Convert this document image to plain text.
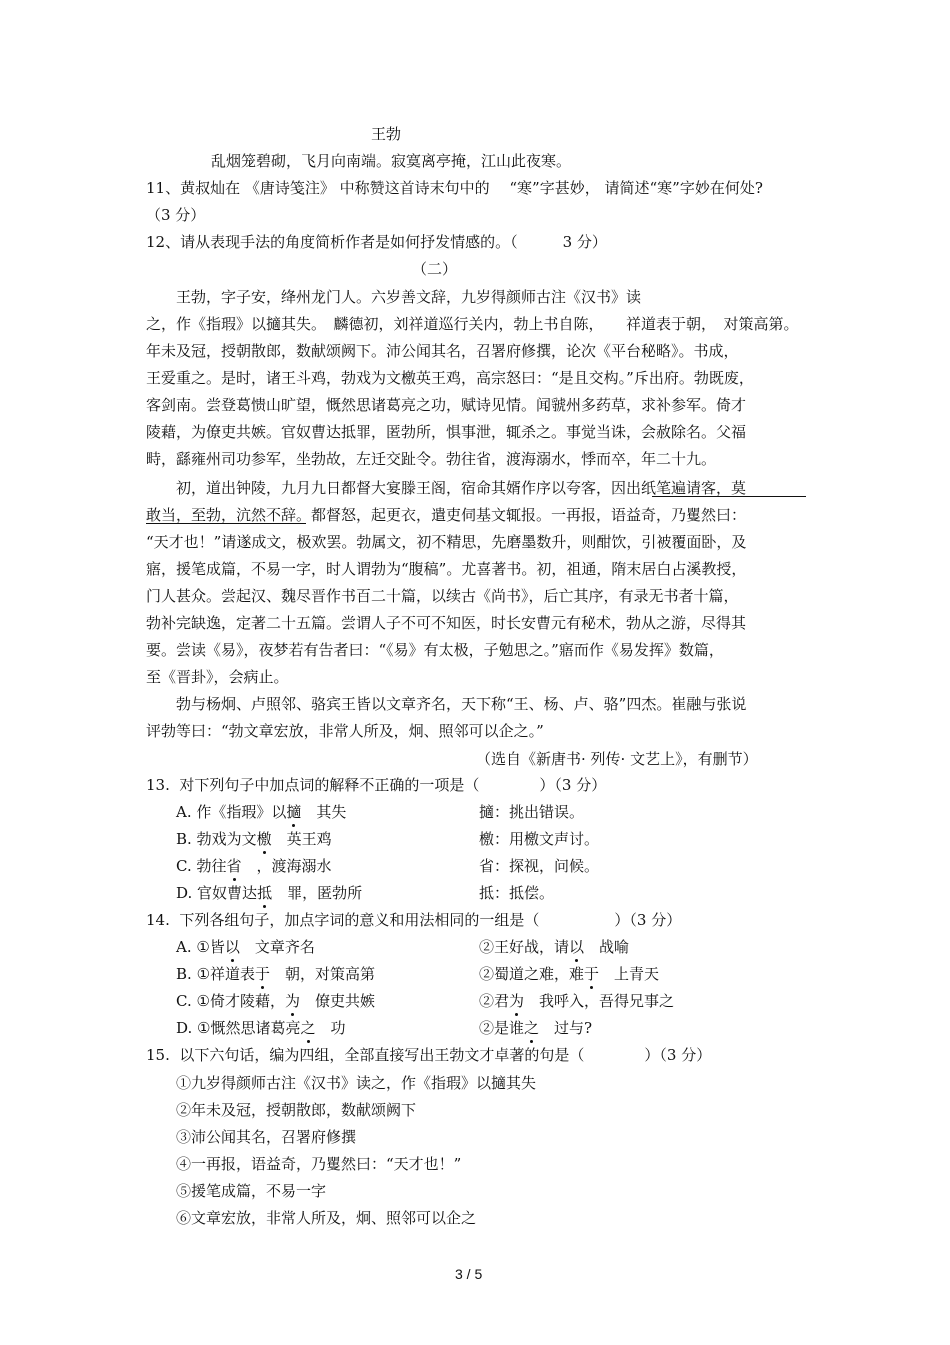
王勃
乱烟笼碧砌，飞月向南端。寂寞离亭掩，江山此夜寒。
11、黄叔灿在 《唐诗笺注》 中称赞这首诗末句中的 　“寒”字甚妙， 请简述“寒”字妙在何处?
（3 分）
12、请从表现手法的角度简析作者是如何抒发情感的。（　　　3 分）
（二）
王勃，字子安，绛州龙门人。六岁善文辞，九岁得颜师古注《汉书》读
之，作《指瑕》以擿其失。　麟德初，刘祥道巡行关内，勃上书自陈，　　祥道表于朝，　对策高第。
年未及冠，授朝散郎，数献颂阙下。沛公闻其名，召署府修撰，论次《平台秘略》。书成，
王爱重之。是时，诸王斗鸡，勃戏为文檄英王鸡，高宗怒曰：“是且交构。”斥出府。勃既废，
客剑南。尝登葛愦山旷望，慨然思诸葛亮之功，赋诗见情。闻虢州多药草，求补参军。倚才
陵藉，为僚吏共嫉。官奴曹达抵罪，匿勃所，惧事泄，辄杀之。事觉当诛，会赦除名。父福
畤，繇雍州司功参军，坐勃故，左迁交趾令。勃往省，渡海溺水，悸而卒，年二十九。
初，道出钟陵，九月九日都督大宴滕王阁，宿命其婿作序以夸客，因出纸笔遍请客，莫
敢当，至勃，沆然不辞。都督怒，起更衣，遣吏伺基文辄报。一再报，语益奇，乃矍然曰：
“天才也！”请遂成文，极欢罢。勃属文，初不精思，先磨墨数升，则酣饮，引被覆面卧，及
寤，援笔成篇，不易一字，时人谓勃为“腹稿”。尤喜著书。初，祖通，隋末居白占溪教授，
门人甚众。尝起汉、魏尽晋作书百二十篇，以续古《尚书》，后亡其序，有录无书者十篇，
勃补完缺逸，定著二十五篇。尝谓人子不可不知医，时长安曹元有秘术，勃从之游，尽得其
要。尝读《易》，夜梦若有告者曰：“《易》有太极，子勉思之。”寤而作《易发挥》数篇，
至《晋卦》，会病止。
勃与杨炯、卢照邻、骆宾王皆以文章齐名，天下称“王、杨、卢、骆”四杰。崔融与张说
评勃等曰：“勃文章宏放，非常人所及，炯、照邻可以企之。”
（选自《新唐书· 列传· 文艺上》，有删节）
13.  对下列句子中加点词的解释不正确的一项是（　　　　）（3 分）
A. 作《指瑕》以擿　其失	擿：挑出错误。
B. 勃戏为文檄　英王鸡	檄：用檄文声讨。
C. 勃往省　，渡海溺水	省：探视，问候。
D. 官奴曹达抵　罪，匿勃所	抵：抵偿。
14.  下列各组句子，加点字词的意义和用法相同的一组是（　　　　　）（3 分）
A. ①皆以　文章齐名	②王好战，请以　战喻
B. ①祥道表于　朝，对策高第	②蜀道之难，难于　上青天
C. ①倚才陵藉，为　僚吏共嫉	②君为　我呼入，吾得兄事之
D. ①慨然思诸葛亮之　功	②是谁之　过与?
15.  以下六句话，编为四组，全部直接写出王勃文才卓著的句是（　　　　）（3 分）
①九岁得颜师古注《汉书》读之，作《指瑕》以擿其失
②年未及冠，授朝散郎，数献颂阙下
③沛公闻其名，召署府修撰
④一再报，语益奇，乃矍然曰：“天才也！”
⑤援笔成篇，不易一字
⑥文章宏放，非常人所及，炯、照邻可以企之
3 / 5
